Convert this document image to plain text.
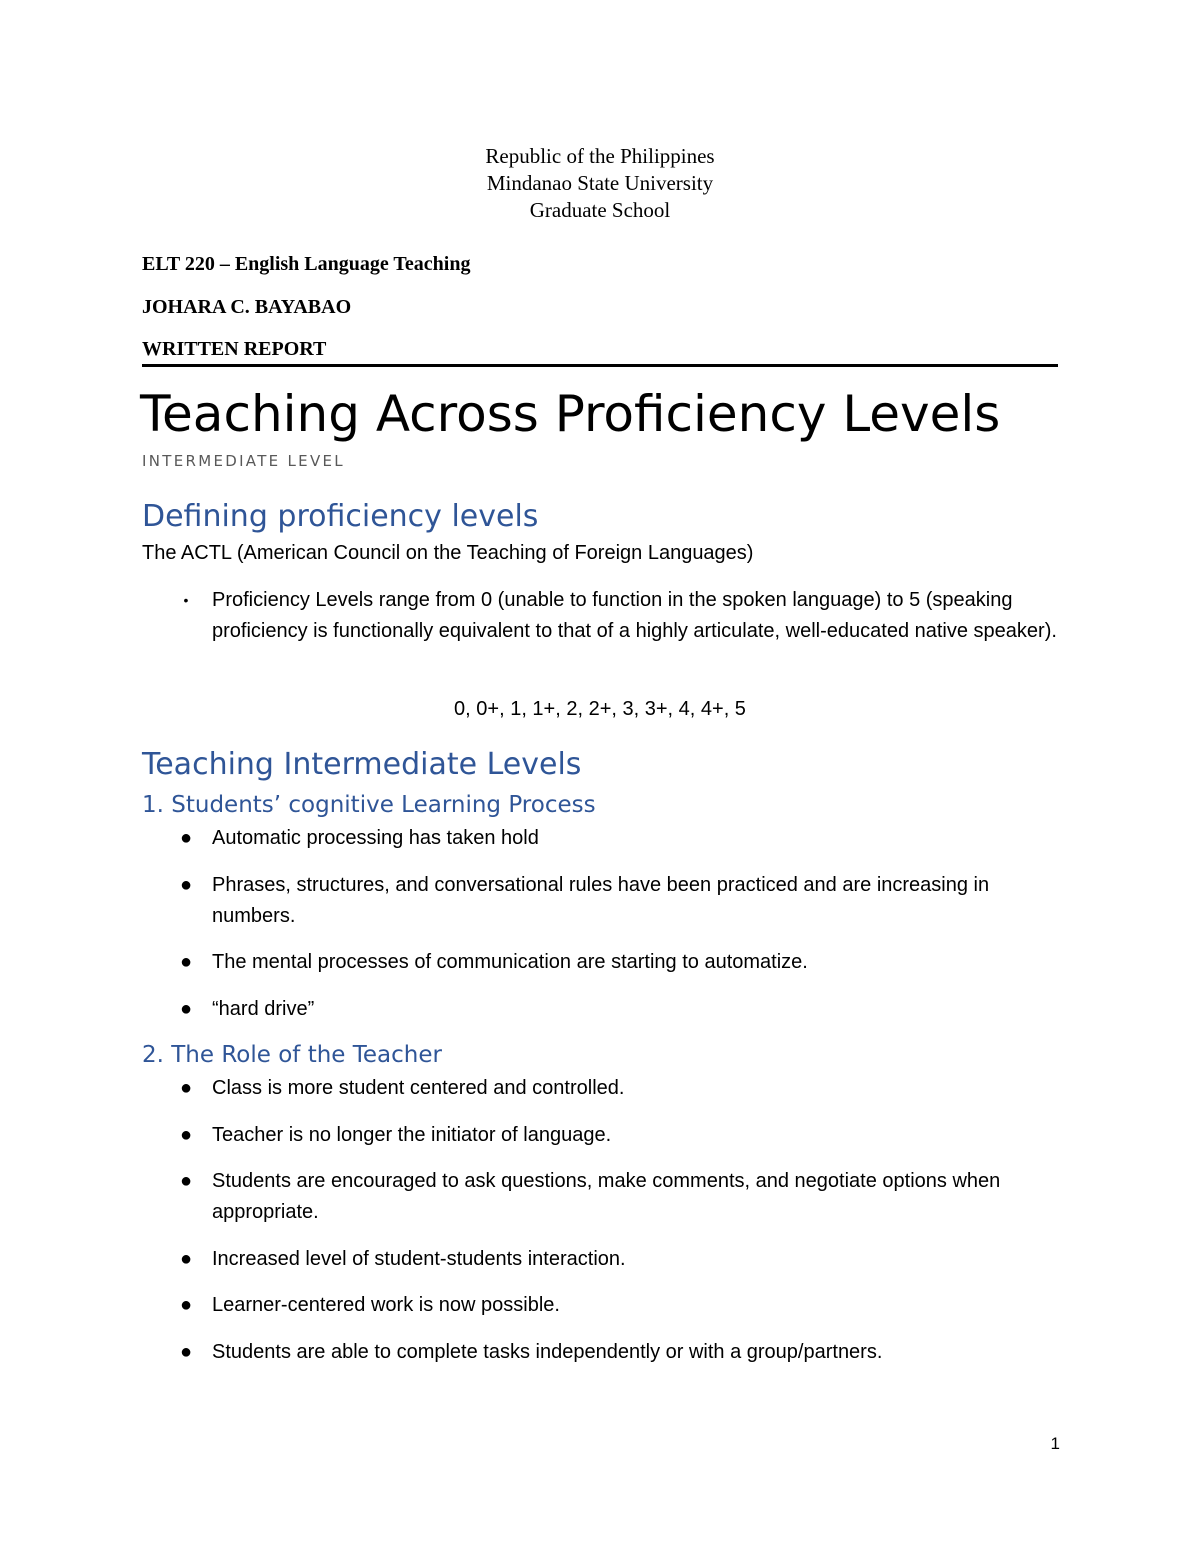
Republic of the Philippines
Mindanao State University
Graduate School
ELT 220 – English Language Teaching
JOHARA C. BAYABAO
WRITTEN REPORT
Teaching Across Proficiency Levels
INTERMEDIATE LEVEL
Defining proficiency levels
The ACTL (American Council on the Teaching of Foreign Languages)
•	Proficiency Levels range from 0 (unable to function in the spoken language) to 5 (speaking proficiency is functionally equivalent to that of a highly articulate, well-educated native speaker).
0, 0+, 1, 1+, 2, 2+, 3, 3+, 4, 4+, 5
Teaching Intermediate Levels
1. Students’ cognitive Learning Process
● Automatic processing has taken hold
● Phrases, structures, and conversational rules have been practiced and are increasing in numbers.
● The mental processes of communication are starting to automatize.
● “hard drive”
2. The Role of the Teacher
● Class is more student centered and controlled.
● Teacher is no longer the initiator of language.
● Students are encouraged to ask questions, make comments, and negotiate options when appropriate.
● Increased level of student-students interaction.
● Learner-centered work is now possible.
● Students are able to complete tasks independently or with a group/partners.
1
